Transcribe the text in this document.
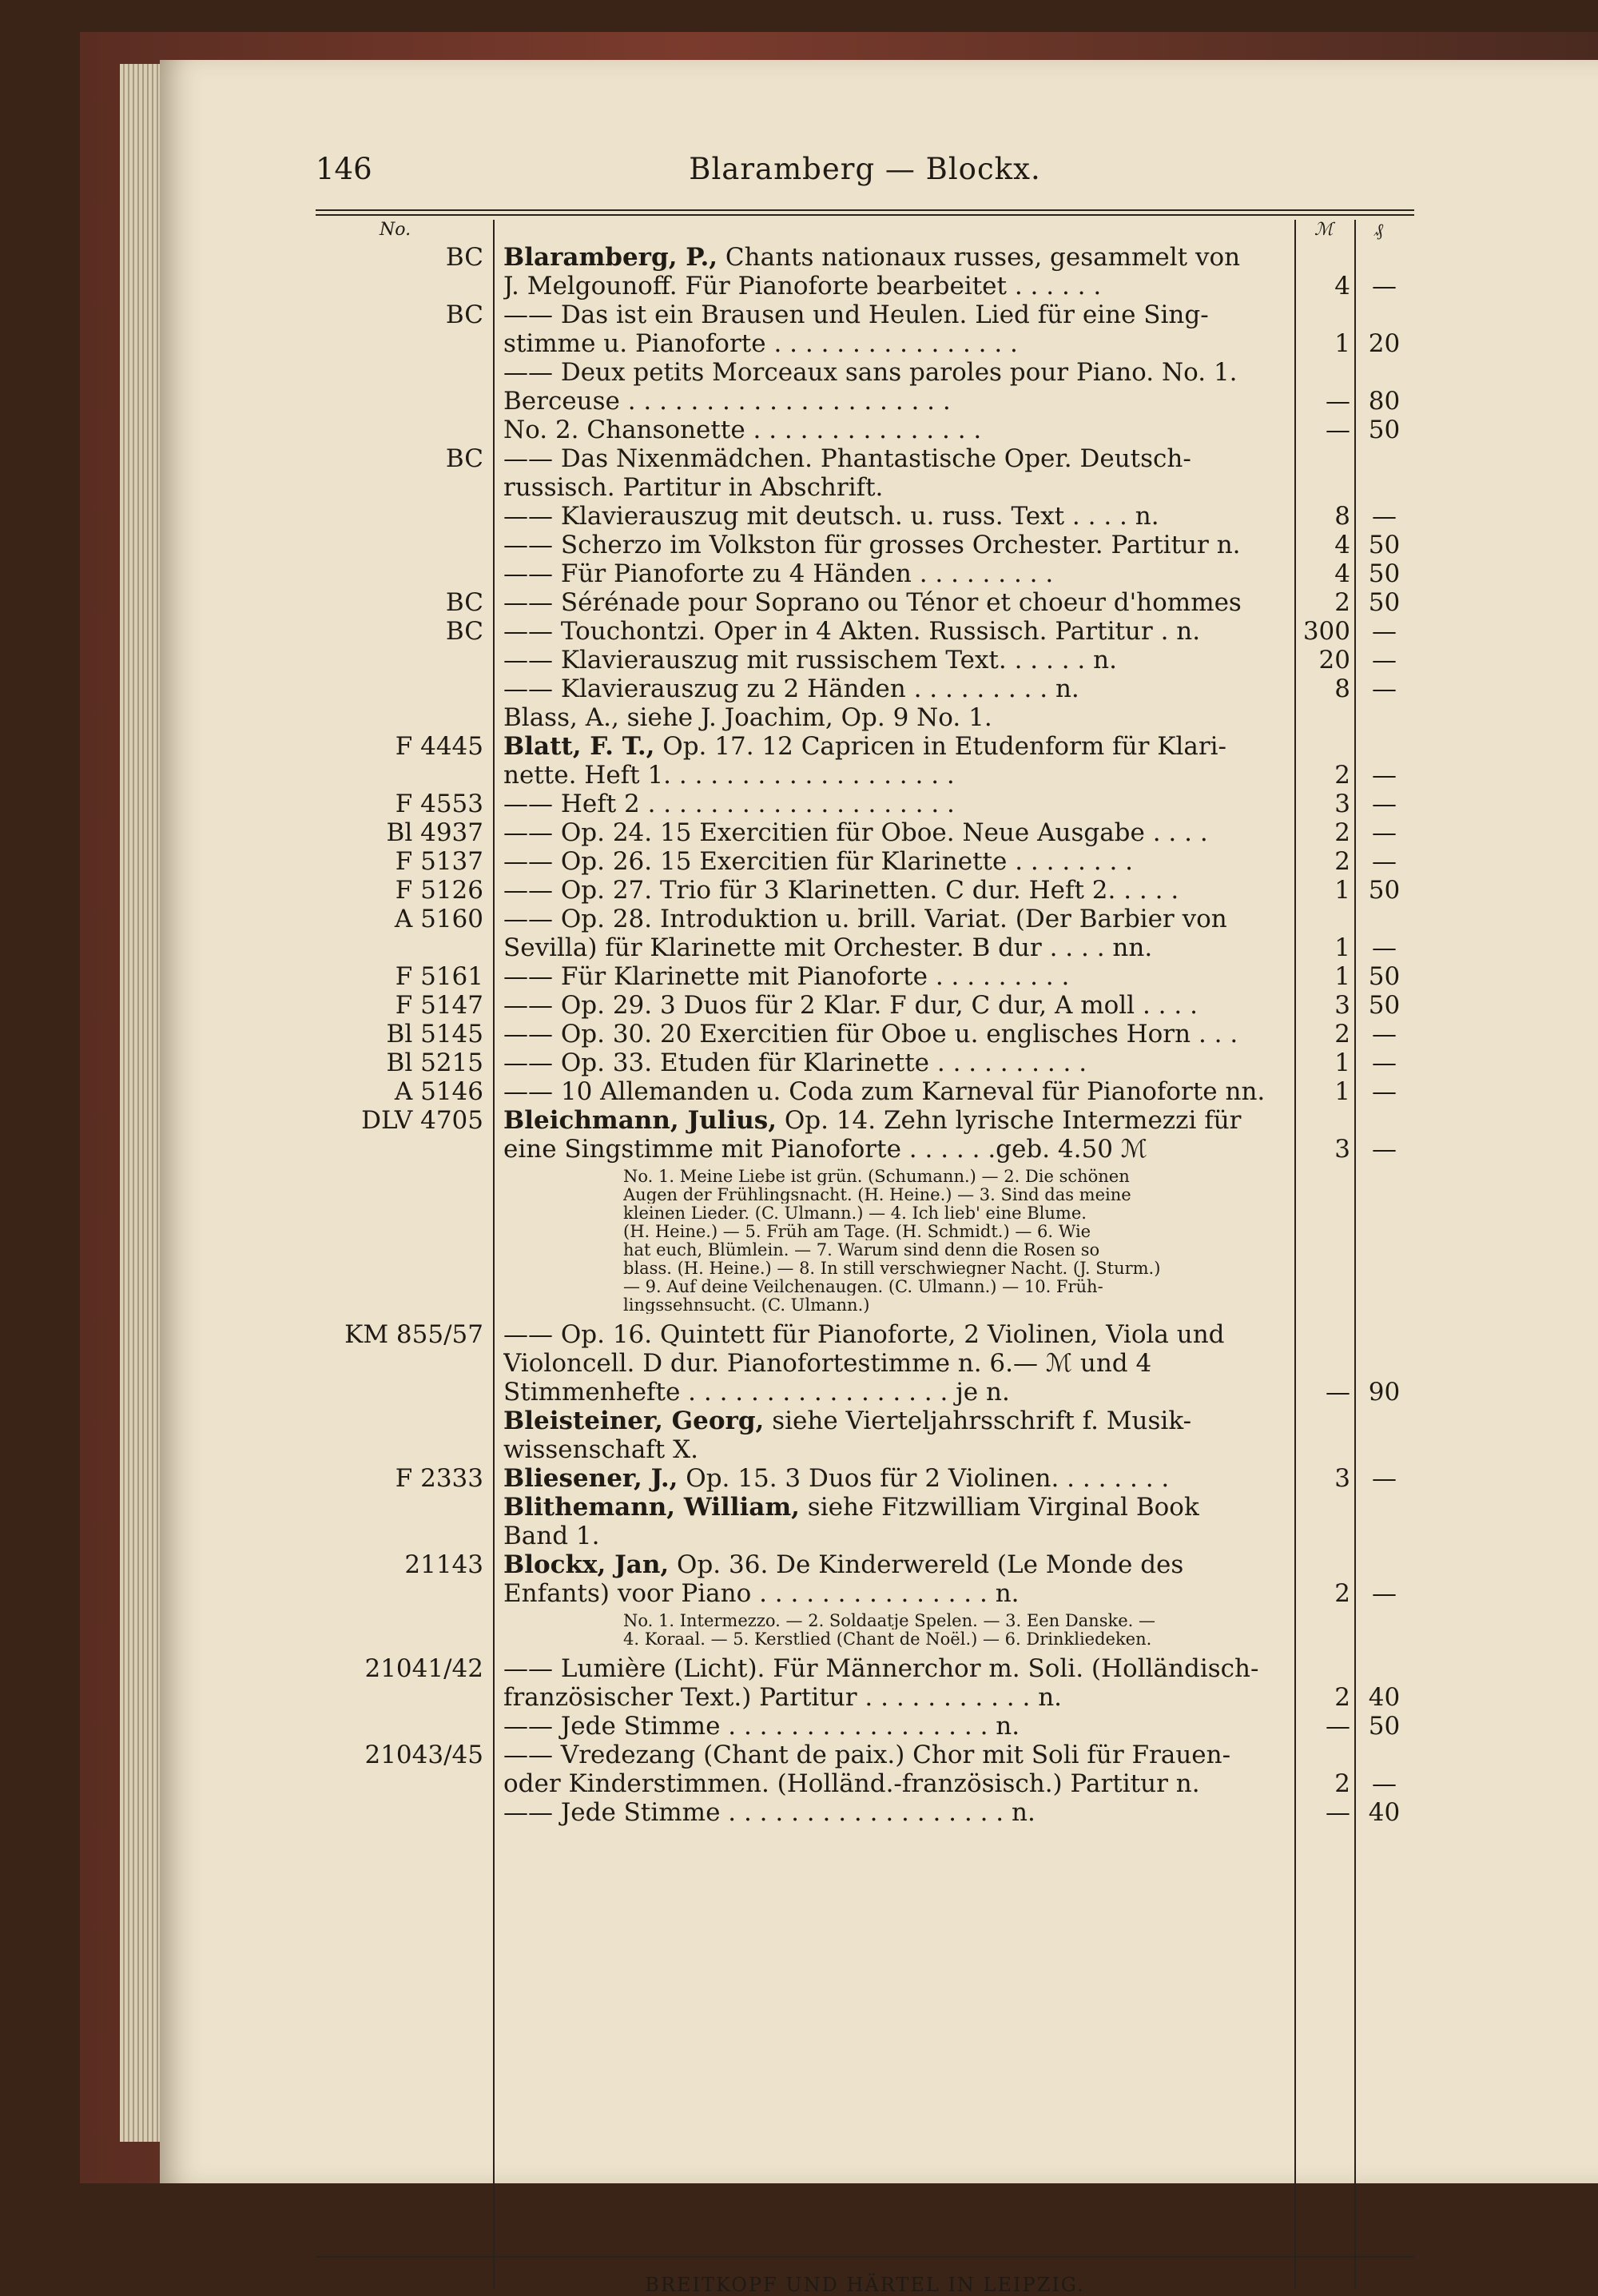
146	Blaramberg — Blockx.
No.	ℳ ₰
BC Blaramberg, P., Chants nationaux russes, gesammelt von
J. Melgounoff. Für Pianoforte bearbeitet . . . . . .	4 —
BC —— Das ist ein Brausen und Heulen. Lied für eine Sing-
stimme u. Pianoforte . . . . . . . . . . . . . . . .	1 20
—— Deux petits Morceaux sans paroles pour Piano. No. 1.
Berceuse . . . . . . . . . . . . . . . . . . . . .	— 80
No. 2. Chansonette . . . . . . . . . . . . . . .	— 50
BC —— Das Nixenmädchen. Phantastische Oper. Deutsch-
russisch. Partitur in Abschrift.
—— Klavierauszug mit deutsch. u. russ. Text . . . . n.	8 —
—— Scherzo im Volkston für grosses Orchester. Partitur n.	4 50
—— Für Pianoforte zu 4 Händen . . . . . . . . .	4 50
BC —— Sérénade pour Soprano ou Ténor et choeur d'hommes	2 50
BC —— Touchontzi. Oper in 4 Akten. Russisch. Partitur . n.	300 —
—— Klavierauszug mit russischem Text. . . . . . n.	20 —
—— Klavierauszug zu 2 Händen . . . . . . . . . n.	8 —
Blass, A., siehe J. Joachim, Op. 9 No. 1.
F 4445 Blatt, F. T., Op. 17. 12 Capricen in Etudenform für Klari-
nette. Heft 1. . . . . . . . . . . . . . . . . . .	2 —
F 4553 —— Heft 2 . . . . . . . . . . . . . . . . . . . .	3 —
Bl 4937 —— Op. 24. 15 Exercitien für Oboe. Neue Ausgabe . . . .	2 —
F 5137 —— Op. 26. 15 Exercitien für Klarinette . . . . . . . .	2 —
F 5126 —— Op. 27. Trio für 3 Klarinetten. C dur. Heft 2. . . . .	1 50
A 5160 —— Op. 28. Introduktion u. brill. Variat. (Der Barbier von
Sevilla) für Klarinette mit Orchester. B dur . . . . nn.	1 —
F 5161 —— Für Klarinette mit Pianoforte . . . . . . . . .	1 50
F 5147 —— Op. 29. 3 Duos für 2 Klar. F dur, C dur, A moll . . . .	3 50
Bl 5145 —— Op. 30. 20 Exercitien für Oboe u. englisches Horn . . .	2 —
Bl 5215 —— Op. 33. Etuden für Klarinette . . . . . . . . . .	1 —
A 5146 —— 10 Allemanden u. Coda zum Karneval für Pianoforte nn.	1 —
DLV 4705 Bleichmann, Julius, Op. 14. Zehn lyrische Intermezzi für
eine Singstimme mit Pianoforte . . . . . .geb. 4.50 ℳ	3 —
No. 1. Meine Liebe ist grün. (Schumann.) — 2. Die schönen
Augen der Frühlingsnacht. (H. Heine.) — 3. Sind das meine
kleinen Lieder. (C. Ulmann.) — 4. Ich lieb' eine Blume.
(H. Heine.) — 5. Früh am Tage. (H. Schmidt.) — 6. Wie
hat euch, Blümlein. — 7. Warum sind denn die Rosen so
blass. (H. Heine.) — 8. In still verschwiegner Nacht. (J. Sturm.)
— 9. Auf deine Veilchenaugen. (C. Ulmann.) — 10. Früh-
lingssehnsucht. (C. Ulmann.)
KM 855/57 —— Op. 16. Quintett für Pianoforte, 2 Violinen, Viola und
Violoncell. D dur. Pianofortestimme n. 6.— ℳ und 4
Stimmenhefte . . . . . . . . . . . . . . . . . je n.	— 90
Bleisteiner, Georg, siehe Vierteljahrsschrift f. Musik-
wissenschaft X.
F 2333 Bliesener, J., Op. 15. 3 Duos für 2 Violinen. . . . . . . .	3 —
Blithemann, William, siehe Fitzwilliam Virginal Book
Band 1.
21143 Blockx, Jan, Op. 36. De Kinderwereld (Le Monde des
Enfants) voor Piano . . . . . . . . . . . . . . . n.	2 —
No. 1. Intermezzo. — 2. Soldaatje Spelen. — 3. Een Danske. —
4. Koraal. — 5. Kerstlied (Chant de Noël.) — 6. Drinkliedeken.
21041/42 —— Lumière (Licht). Für Männerchor m. Soli. (Holländisch-
französischer Text.) Partitur . . . . . . . . . . . n.	2 40
—— Jede Stimme . . . . . . . . . . . . . . . . . n.	— 50
21043/45 —— Vredezang (Chant de paix.) Chor mit Soli für Frauen-
oder Kinderstimmen. (Holländ.-französisch.) Partitur n.	2 —
—— Jede Stimme . . . . . . . . . . . . . . . . . . n.	— 40
BREITKOPF UND HÄRTEL IN LEIPZIG.
